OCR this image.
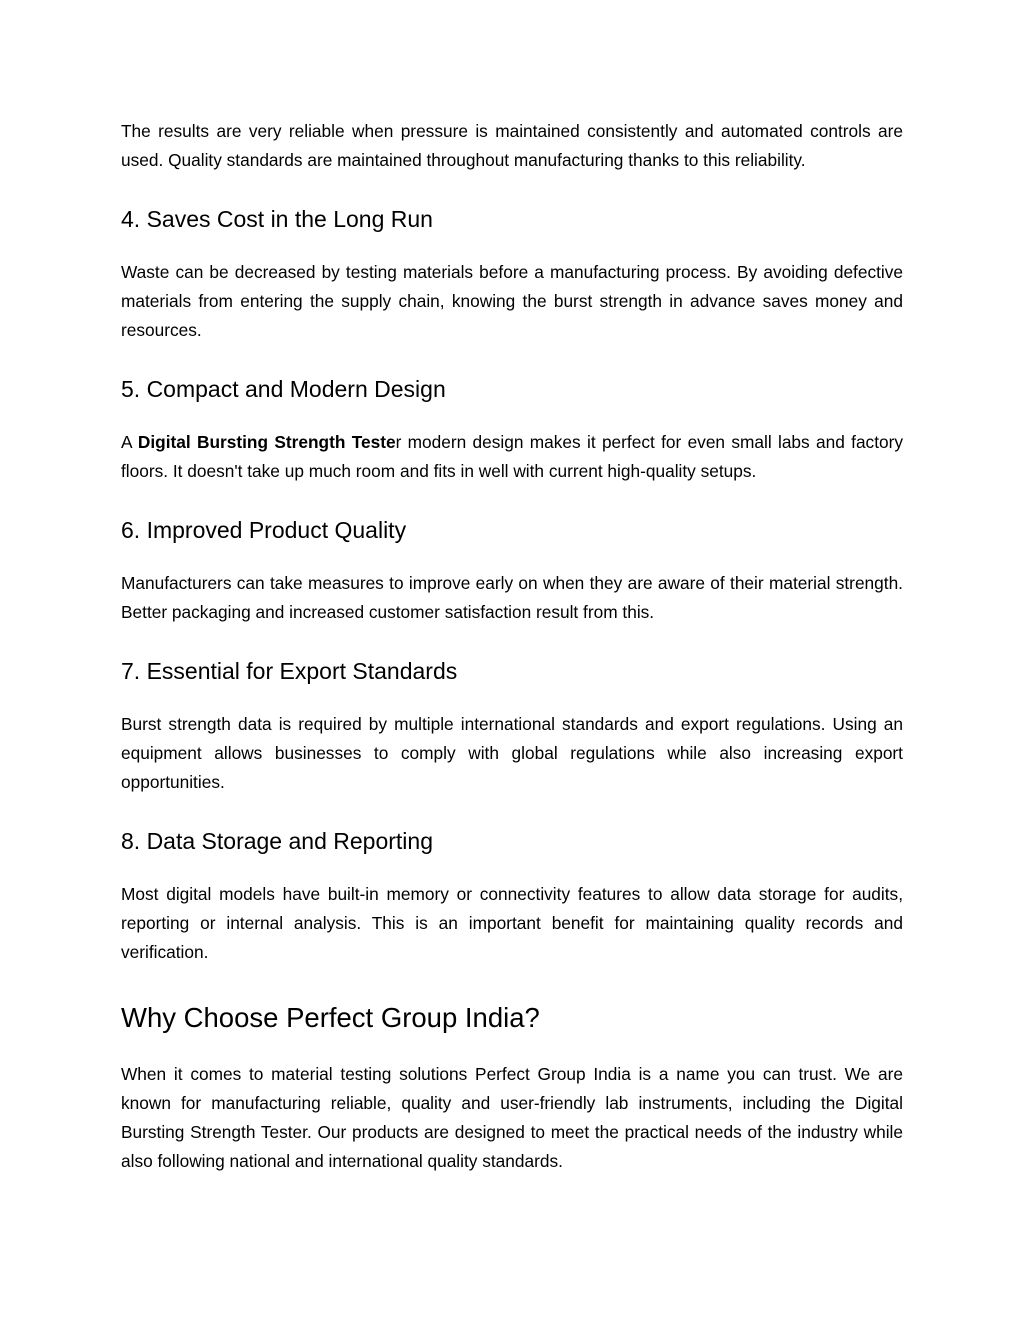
The results are very reliable when pressure is maintained consistently and automated controls are used. Quality standards are maintained throughout manufacturing thanks to this reliability.

4. Saves Cost in the Long Run

Waste can be decreased by testing materials before a manufacturing process. By avoiding defective materials from entering the supply chain, knowing the burst strength in advance saves money and resources.

5. Compact and Modern Design

A Digital Bursting Strength Tester modern design makes it perfect for even small labs and factory floors. It doesn't take up much room and fits in well with current high-quality setups.

6. Improved Product Quality

Manufacturers can take measures to improve early on when they are aware of their material strength. Better packaging and increased customer satisfaction result from this.

7. Essential for Export Standards

Burst strength data is required by multiple international standards and export regulations. Using an equipment allows businesses to comply with global regulations while also increasing export opportunities.

8. Data Storage and Reporting

Most digital models have built-in memory or connectivity features to allow data storage for audits, reporting or internal analysis. This is an important benefit for maintaining quality records and verification.

Why Choose Perfect Group India?

When it comes to material testing solutions Perfect Group India is a name you can trust. We are known for manufacturing reliable, quality and user-friendly lab instruments, including the Digital Bursting Strength Tester. Our products are designed to meet the practical needs of the industry while also following national and international quality standards.
